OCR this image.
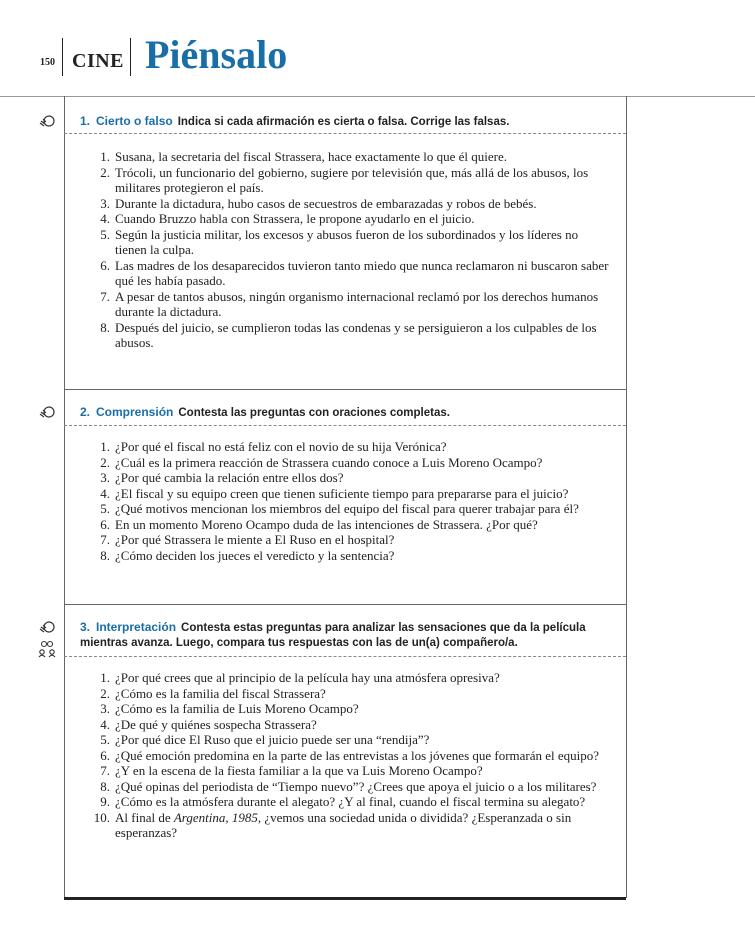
150 CINE Piénsalo
1. Cierto o falso Indica si cada afirmación es cierta o falsa. Corrige las falsas.
1. Susana, la secretaria del fiscal Strassera, hace exactamente lo que él quiere.
2. Trócoli, un funcionario del gobierno, sugiere por televisión que, más allá de los abusos, los militares protegieron el país.
3. Durante la dictadura, hubo casos de secuestros de embarazadas y robos de bebés.
4. Cuando Bruzzo habla con Strassera, le propone ayudarlo en el juicio.
5. Según la justicia militar, los excesos y abusos fueron de los subordinados y los líderes no tienen la culpa.
6. Las madres de los desaparecidos tuvieron tanto miedo que nunca reclamaron ni buscaron saber qué les había pasado.
7. A pesar de tantos abusos, ningún organismo internacional reclamó por los derechos humanos durante la dictadura.
8. Después del juicio, se cumplieron todas las condenas y se persiguieron a los culpables de los abusos.
2. Comprensión Contesta las preguntas con oraciones completas.
1. ¿Por qué el fiscal no está feliz con el novio de su hija Verónica?
2. ¿Cuál es la primera reacción de Strassera cuando conoce a Luis Moreno Ocampo?
3. ¿Por qué cambia la relación entre ellos dos?
4. ¿El fiscal y su equipo creen que tienen suficiente tiempo para prepararse para el juicio?
5. ¿Qué motivos mencionan los miembros del equipo del fiscal para querer trabajar para él?
6. En un momento Moreno Ocampo duda de las intenciones de Strassera. ¿Por qué?
7. ¿Por qué Strassera le miente a El Ruso en el hospital?
8. ¿Cómo deciden los jueces el veredicto y la sentencia?
3. Interpretación Contesta estas preguntas para analizar las sensaciones que da la película mientras avanza. Luego, compara tus respuestas con las de un(a) compañero/a.
1. ¿Por qué crees que al principio de la película hay una atmósfera opresiva?
2. ¿Cómo es la familia del fiscal Strassera?
3. ¿Cómo es la familia de Luis Moreno Ocampo?
4. ¿De qué y quiénes sospecha Strassera?
5. ¿Por qué dice El Ruso que el juicio puede ser una “rendija”?
6. ¿Qué emoción predomina en la parte de las entrevistas a los jóvenes que formarán el equipo?
7. ¿Y en la escena de la fiesta familiar a la que va Luis Moreno Ocampo?
8. ¿Qué opinas del periodista de “Tiempo nuevo”? ¿Crees que apoya el juicio o a los militares?
9. ¿Cómo es la atmósfera durante el alegato? ¿Y al final, cuando el fiscal termina su alegato?
10. Al final de Argentina, 1985, ¿vemos una sociedad unida o dividida? ¿Esperanzada o sin esperanzas?
